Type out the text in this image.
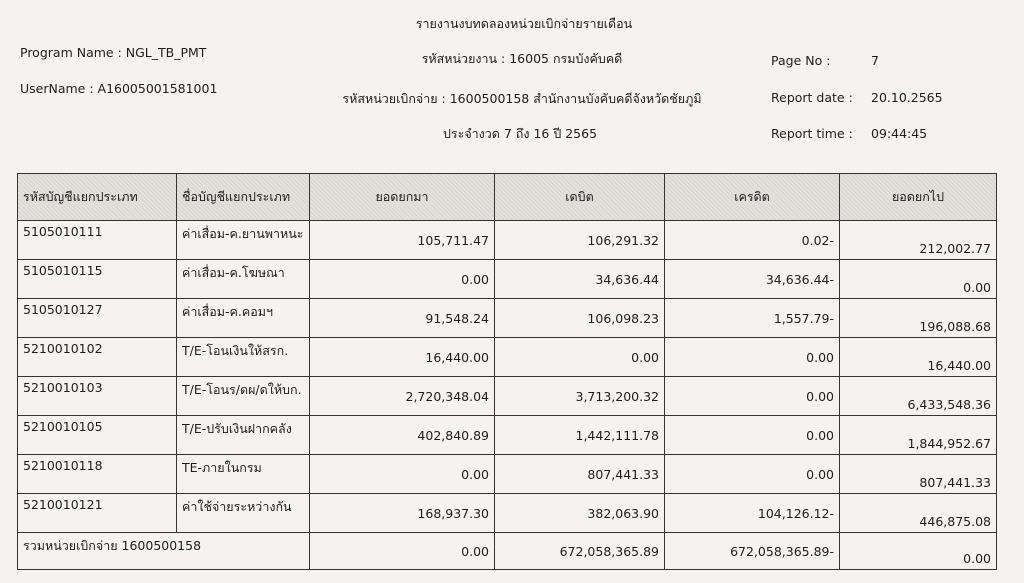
รายงานงบทดลองหน่วยเบิกจ่ายรายเดือน
Program Name : NGL_TB_PMT
UserName : A16005001581001
รหัสหน่วยงาน : 16005 กรมบังคับคดี
รหัสหน่วยเบิกจ่าย : 1600500158 สำนักงานบังคับคดีจังหวัดชัยภูมิ
ประจำงวด 7 ถึง 16 ปี 2565
Page No :	7
Report date : 20.10.2565
Report time : 09:44:45
รหัสบัญชีแยกประเภท	ชื่อบัญชีแยกประเภท	ยอดยกมา	เดบิต	เครดิต	ยอดยกไป
5105010111	ค่าเสื่อม-ค.ยานพาหนะ	105,711.47	106,291.32	0.02-	212,002.77
5105010115	ค่าเสื่อม-ค.โฆษณา	0.00	34,636.44	34,636.44-	0.00
5105010127	ค่าเสื่อม-ค.คอมฯ	91,548.24	106,098.23	1,557.79-	196,088.68
5210010102	T/E-โอนเงินให้สรก.	16,440.00	0.00	0.00	16,440.00
5210010103	T/E-โอนร/ดผ/ดให้บก.	2,720,348.04	3,713,200.32	0.00	6,433,548.36
5210010105	T/E-ปรับเงินฝากคลัง	402,840.89	1,442,111.78	0.00	1,844,952.67
5210010118	TE-ภายในกรม	0.00	807,441.33	0.00	807,441.33
5210010121	ค่าใช้จ่ายระหว่างกัน	168,937.30	382,063.90	104,126.12-	446,875.08
รวมหน่วยเบิกจ่าย 1600500158		0.00	672,058,365.89	672,058,365.89-	0.00
